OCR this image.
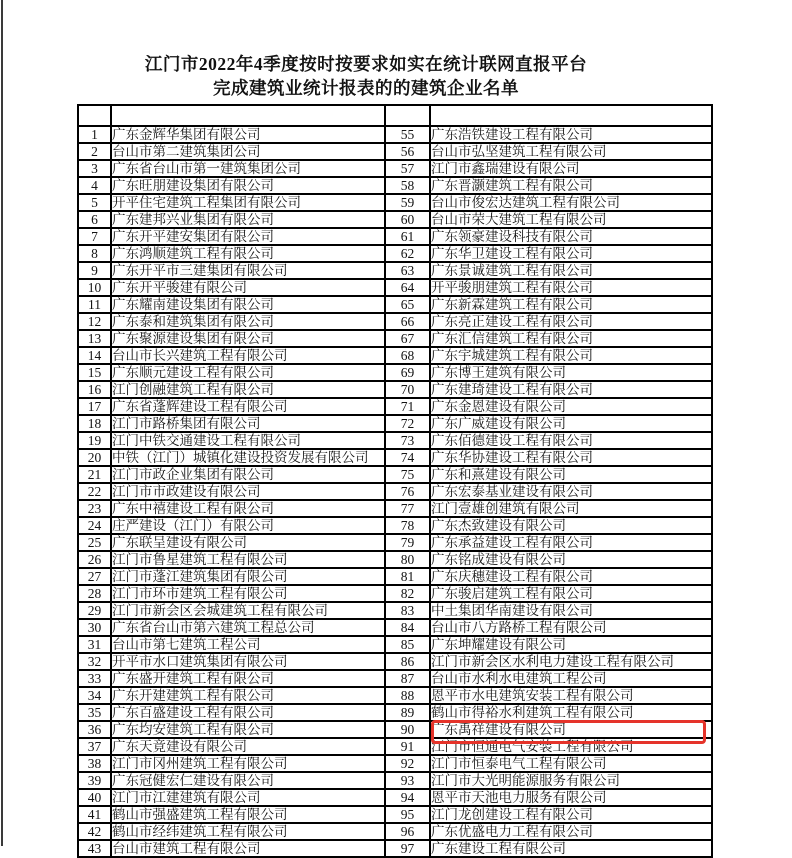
江门市2022年4季度按时按要求如实在统计联网直报平台
完成建筑业统计报表的的建筑企业名单

1	广东金辉华集团有限公司	55	广东浩铁建设工程有限公司
2	台山市第二建筑集团公司	56	台山市弘坚建筑工程有限公司
3	广东省台山市第一建筑集团公司	57	江门市鑫瑞建设有限公司
4	广东旺朋建设集团有限公司	58	广东晋灏建筑工程有限公司
5	开平住宅建筑工程集团有限公司	59	台山市俊宏达建筑工程有限公司
6	广东建邦兴业集团有限公司	60	台山市荣大建筑工程有限公司
7	广东开平建安集团有限公司	61	广东领豪建设科技有限公司
8	广东鸿顺建筑工程有限公司	62	广东华卫建设工程有限公司
9	广东开平市三建集团有限公司	63	广东景诚建筑工程有限公司
10	广东开平骏建有限公司	64	开平骏朋建筑工程有限公司
11	广东耀南建设集团有限公司	65	广东新霖建筑工程有限公司
12	广东泰和建筑集团有限公司	66	广东亮正建设工程有限公司
13	广东聚源建设集团有限公司	67	广东汇信建筑工程有限公司
14	台山市长兴建筑工程有限公司	68	广东宇城建筑工程有限公司
15	广东顺元建设工程有限公司	69	广东博王建筑有限公司
16	江门创融建筑工程有限公司	70	广东建琦建设工程有限公司
17	广东省蓬辉建设工程有限公司	71	广东金恩建设有限公司
18	江门市路桥集团有限公司	72	广东广威建设有限公司
19	江门中铁交通建设工程有限公司	73	广东佰德建设工程有限公司
20	中铁（江门）城镇化建设投资发展有限公司	74	广东华协建设工程有限公司
21	江门市政企业集团有限公司	75	广东和熹建设有限公司
22	江门市市政建设有限公司	76	广东宏泰基业建设有限公司
23	广东中禧建设工程有限公司	77	江门壹雄创建筑有限公司
24	庄严建设（江门）有限公司	78	广东杰致建设有限公司
25	广东联呈建设有限公司	79	广东承益建设工程有限公司
26	江门市鲁星建筑工程有限公司	80	广东铭成建设有限公司
27	江门市蓬江建筑集团有限公司	81	广东庆穗建设工程有限公司
28	江门市环市建筑工程有限公司	82	广东骏启建筑工程有限公司
29	江门市新会区会城建筑工程有限公司	83	中土集团华南建设有限公司
30	广东省台山市第六建筑工程总公司	84	台山市八方路桥工程有限公司
31	台山市第七建筑工程公司	85	广东坤耀建设有限公司
32	开平市水口建筑集团有限公司	86	江门市新会区水利电力建设工程有限公司
33	广东盛开建筑工程有限公司	87	台山市水利水电建筑工程公司
34	广东开建建筑工程有限公司	88	恩平市水电建筑安装工程有限公司
35	广东百盛建设工程有限公司	89	鹤山市得裕水利建筑工程有限公司
36	广东均安建筑工程有限公司	90	广东禹祥建设有限公司
37	广东天竟建设有限公司	91	江门市恒通电气安装工程有限公司
38	江门市冈州建筑工程有限公司	92	江门市恒泰电气工程有限公司
39	广东冠健宏仁建设有限公司	93	江门市大光明能源服务有限公司
40	江门市江建建筑有限公司	94	恩平市天池电力服务有限公司
41	鹤山市强盛建筑工程有限公司	95	江门龙创建设工程有限公司
42	鹤山市经纬建筑工程有限公司	96	广东优盛电力工程有限公司
43	台山市建筑工程有限公司	97	广东建设工程有限公司
